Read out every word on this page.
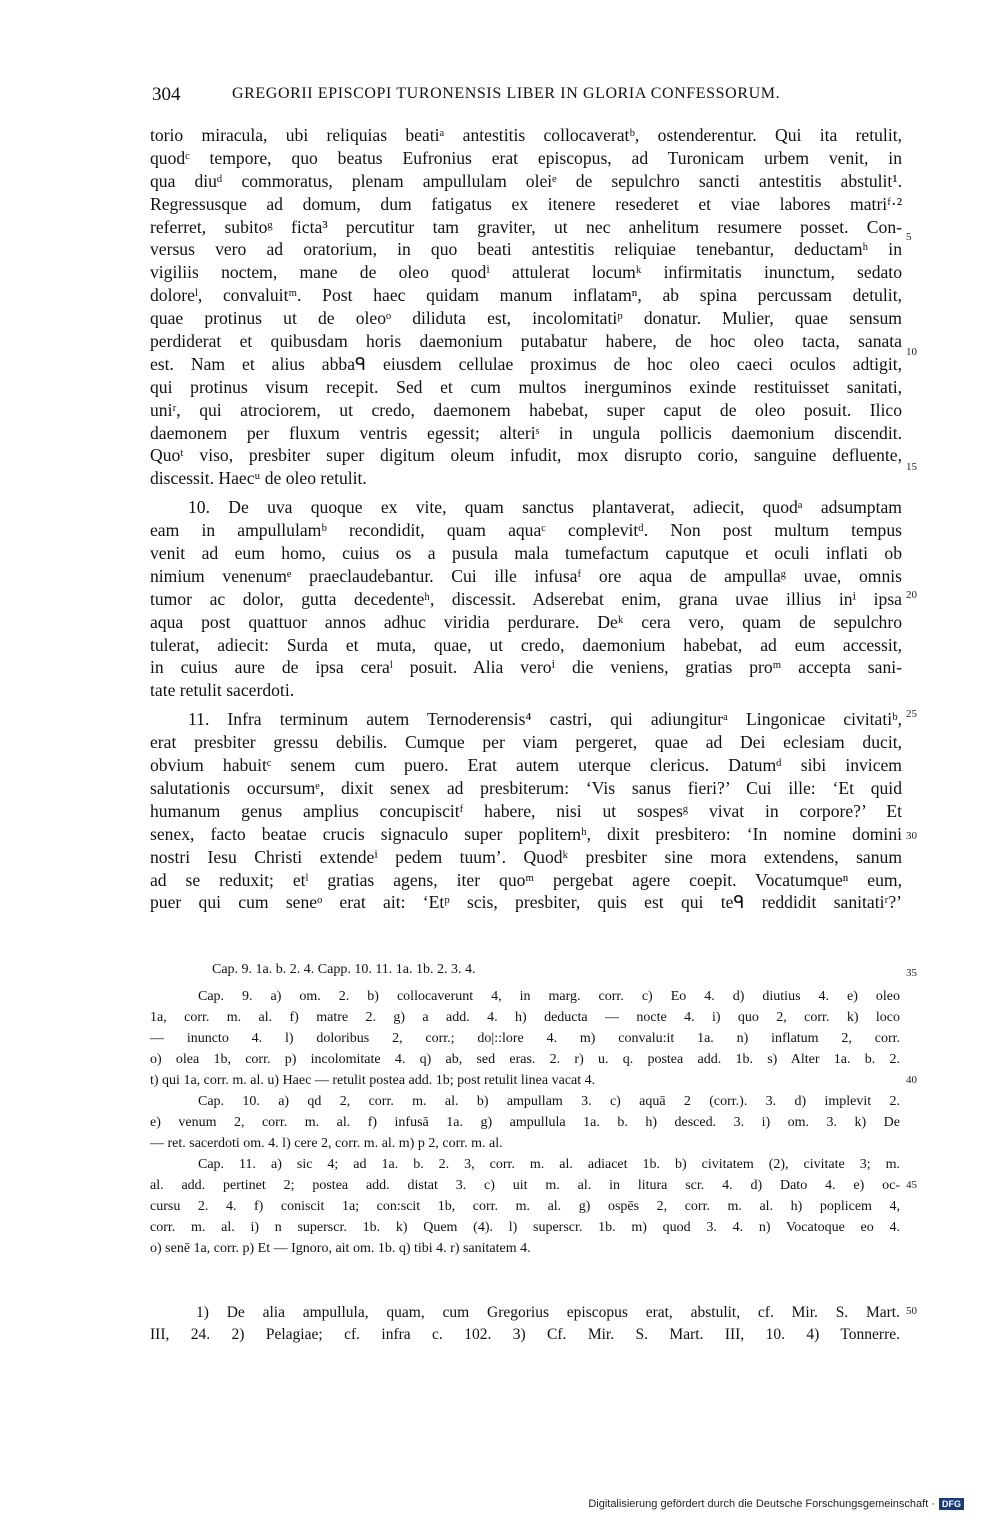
304	GREGORII EPISCOPI TURONENSIS LIBER IN GLORIA CONFESSORUM.
torio miracula, ubi reliquias beatiᵃ antestitis collocaveratᵇ, ostenderentur. Qui ita retulit,
quodᶜ tempore, quo beatus Eufronius erat episcopus, ad Turonicam urbem venit, in
qua diuᵈ commoratus, plenam ampullulam oleiᵉ de sepulchro sancti antestitis abstulit¹.
Regressusque ad domum, dum fatigatus ex itenere resederet et viae labores matriᶠ·²
referret, subitoᵍ ficta³ percutitur tam graviter, ut nec anhelitum resumere posset. Con-
versus vero ad oratorium, in quo beati antestitis reliquiae tenebantur, deductamʰ in
vigiliis noctem, mane de oleo quodⁱ attulerat locumᵏ infirmitatis inunctum, sedato
doloreˡ, convaluitᵐ. Post haec quidam manum inflatamⁿ, ab spina percussam detulit,
quae protinus ut de oleoᵒ diliduta est, incolomitatiᵖ donatur. Mulier, quae sensum
perdiderat et quibusdam horis daemonium putabatur habere, de hoc oleo tacta, sanata
est. Nam et alius abbaᑫ eiusdem cellulae proximus de hoc oleo caeci oculos adtigit,
qui protinus visum recepit. Sed et cum multos inerguminos exinde restituisset sanitati,
uniʳ, qui atrociorem, ut credo, daemonem habebat, super caput de oleo posuit. Ilico
daemonem per fluxum ventris egessit; alteriˢ in ungula pollicis daemonium discendit.
Quoᵗ viso, presbiter super digitum oleum infudit, mox disrupto corio, sanguine defluente,
discessit. Haecᵘ de oleo retulit.
10. De uva quoque ex vite, quam sanctus plantaverat, adiecit, quodᵃ adsumptam
eam in ampullulamᵇ recondidit, quam aquaᶜ complevitᵈ. Non post multum tempus
venit ad eum homo, cuius os a pusula mala tumefactum caputque et oculi inflati ob
nimium venenumᵉ praeclaudebantur. Cui ille infusaᶠ ore aqua de ampullaᵍ uvae, omnis
tumor ac dolor, gutta decedenteʰ, discessit. Adserebat enim, grana uvae illius inⁱ ipsa
aqua post quattuor annos adhuc viridia perdurare. Deᵏ cera vero, quam de sepulchro
tulerat, adiecit: Surda et muta, quae, ut credo, daemonium habebat, ad eum accessit,
in cuius aure de ipsa ceraˡ posuit. Alia veroⁱ die veniens, gratias proᵐ accepta sani-
tate retulit sacerdoti.
11. Infra terminum autem Ternoderensis⁴ castri, qui adiungiturᵃ Lingonicae civitatiᵇ,
erat presbiter gressu debilis. Cumque per viam pergeret, quae ad Dei eclesiam ducit,
obvium habuitᶜ senem cum puero. Erat autem uterque clericus. Datumᵈ sibi invicem
salutationis occursumᵉ, dixit senex ad presbiterum: ‘Vis sanus fieri?’ Cui ille: ‘Et quid
humanum genus amplius concupiscitᶠ habere, nisi ut sospesᵍ vivat in corpore?’ Et
senex, facto beatae crucis signaculo super poplitemʰ, dixit presbitero: ‘In nomine domini
nostri Iesu Christi extendeⁱ pedem tuum’. Quodᵏ presbiter sine mora extendens, sanum
ad se reduxit; etˡ gratias agens, iter quoᵐ pergebat agere coepit. Vocatumqueⁿ eum,
puer qui cum seneᵒ erat ait: ‘Etᵖ scis, presbiter, quis est qui teᑫ reddidit sanitatiʳ?’
5
10
15
20
25
30
35
40
45
50
Cap. 9. 1a. b. 2. 4. Capp. 10. 11. 1a. 1b. 2. 3. 4.
Cap. 9. a) om. 2. b) collocaverunt 4, in marg. corr. c) Eo 4. d) diutius 4. e) oleo
1a, corr. m. al. f) matre 2. g) a add. 4. h) deducta — nocte 4. i) quo 2, corr. k) loco
— inuncto 4. l) doloribus 2, corr.; do|::lore 4. m) convalu:it 1a. n) inflatum 2, corr.
o) olea 1b, corr. p) incolomitate 4. q) ab, sed eras. 2. r) u. q. postea add. 1b. s) Alter 1a. b. 2.
t) qui 1a, corr. m. al. u) Haec — retulit postea add. 1b; post retulit linea vacat 4.
Cap. 10. a) qd 2, corr. m. al. b) ampullam 3. c) aquā 2 (corr.). 3. d) implevit 2.
e) venum 2, corr. m. al. f) infusā 1a. g) ampullula 1a. b. h) desced. 3. i) om. 3. k) De
— ret. sacerdoti om. 4. l) cere 2, corr. m. al. m) p 2, corr. m. al.
Cap. 11. a) sic 4; ad 1a. b. 2. 3, corr. m. al. adiacet 1b. b) civitatem (2), civitate 3; m.
al. add. pertinet 2; postea add. distat 3. c) uit m. al. in litura scr. 4. d) Dato 4. e) oc-
cursu 2. 4. f) coniscit 1a; con:scit 1b, corr. m. al. g) ospēs 2, corr. m. al. h) poplicem 4,
corr. m. al. i) n superscr. 1b. k) Quem (4). l) superscr. 1b. m) quod 3. 4. n) Vocatoque eo 4.
o) senē 1a, corr. p) Et — Ignoro, ait om. 1b. q) tibi 4. r) sanitatem 4.
1) De alia ampullula, quam, cum Gregorius episcopus erat, abstulit, cf. Mir. S. Mart.
III, 24. 2) Pelagiae; cf. infra c. 102. 3) Cf. Mir. S. Mart. III, 10. 4) Tonnerre.
Digitalisierung gefördert durch die Deutsche Forschungsgemeinschaft · DFG
